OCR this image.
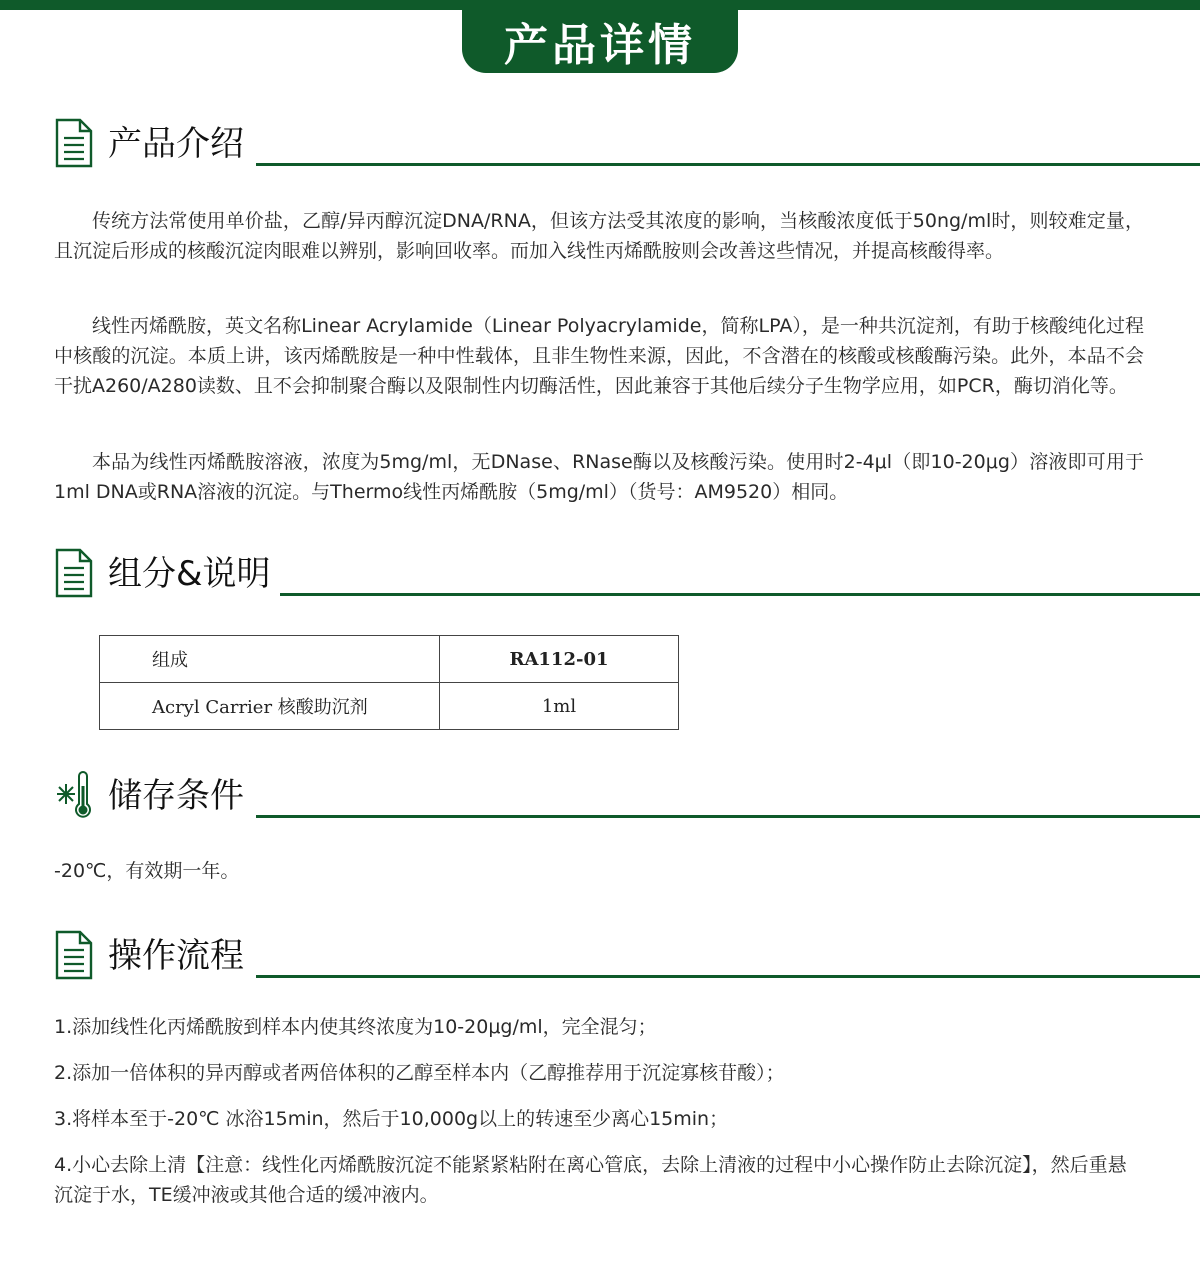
产品详情
产品介绍

传统方法常使用单价盐，乙醇/异丙醇沉淀DNA/RNA，但该方法受其浓度的影响，当核酸浓度低于50ng/ml时，则较难定量，且沉淀后形成的核酸沉淀肉眼难以辨别，影响回收率。而加入线性丙烯酰胺则会改善这些情况，并提高核酸得率。

线性丙烯酰胺，英文名称Linear Acrylamide（Linear Polyacrylamide，简称LPA），是一种共沉淀剂，有助于核酸纯化过程中核酸的沉淀。本质上讲，该丙烯酰胺是一种中性载体，且非生物性来源，因此，不含潜在的核酸或核酸酶污染。此外，本品不会干扰A260/A280读数、且不会抑制聚合酶以及限制性内切酶活性，因此兼容于其他后续分子生物学应用，如PCR，酶切消化等。

本品为线性丙烯酰胺溶液，浓度为5mg/ml，无DNase、RNase酶以及核酸污染。使用时2-4μl（即10-20μg）溶液即可用于1ml DNA或RNA溶液的沉淀。与Thermo线性丙烯酰胺（5mg/ml）（货号：AM9520）相同。

组分&说明
组成	RA112-01
Acryl Carrier 核酸助沉剂	1ml
储存条件

-20℃，有效期一年。

操作流程

1.添加线性化丙烯酰胺到样本内使其终浓度为10-20μg/ml，完全混匀；

2.添加一倍体积的异丙醇或者两倍体积的乙醇至样本内（乙醇推荐用于沉淀寡核苷酸）；

3.将样本至于-20℃ 冰浴15min，然后于10,000g以上的转速至少离心15min；

4.小心去除上清【注意：线性化丙烯酰胺沉淀不能紧紧粘附在离心管底，去除上清液的过程中小心操作防止去除沉淀】，然后重悬沉淀于水，TE缓冲液或其他合适的缓冲液内。
